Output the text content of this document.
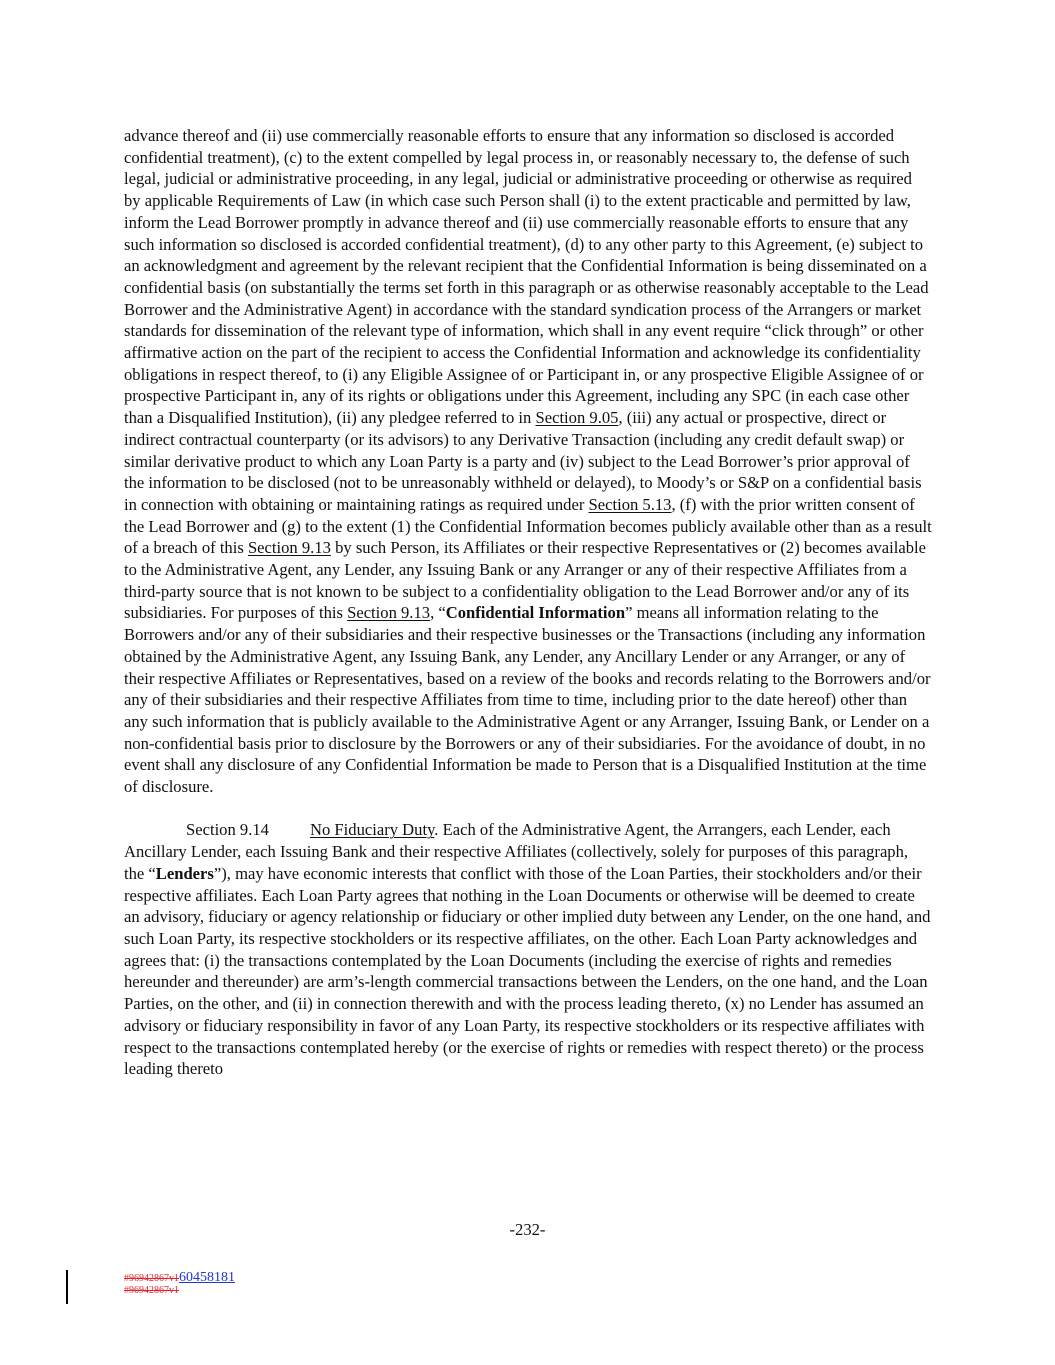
advance thereof and (ii) use commercially reasonable efforts to ensure that any information so disclosed is accorded confidential treatment), (c) to the extent compelled by legal process in, or reasonably necessary to, the defense of such legal, judicial or administrative proceeding, in any legal, judicial or administrative proceeding or otherwise as required by applicable Requirements of Law (in which case such Person shall (i) to the extent practicable and permitted by law, inform the Lead Borrower promptly in advance thereof and (ii) use commercially reasonable efforts to ensure that any such information so disclosed is accorded confidential treatment), (d) to any other party to this Agreement, (e) subject to an acknowledgment and agreement by the relevant recipient that the Confidential Information is being disseminated on a confidential basis (on substantially the terms set forth in this paragraph or as otherwise reasonably acceptable to the Lead Borrower and the Administrative Agent) in accordance with the standard syndication process of the Arrangers or market standards for dissemination of the relevant type of information, which shall in any event require “click through” or other affirmative action on the part of the recipient to access the Confidential Information and acknowledge its confidentiality obligations in respect thereof, to (i) any Eligible Assignee of or Participant in, or any prospective Eligible Assignee of or prospective Participant in, any of its rights or obligations under this Agreement, including any SPC (in each case other than a Disqualified Institution), (ii) any pledgee referred to in Section 9.05, (iii) any actual or prospective, direct or indirect contractual counterparty (or its advisors) to any Derivative Transaction (including any credit default swap) or similar derivative product to which any Loan Party is a party and (iv) subject to the Lead Borrower’s prior approval of the information to be disclosed (not to be unreasonably withheld or delayed), to Moody’s or S&P on a confidential basis in connection with obtaining or maintaining ratings as required under Section 5.13, (f) with the prior written consent of the Lead Borrower and (g) to the extent (1) the Confidential Information becomes publicly available other than as a result of a breach of this Section 9.13 by such Person, its Affiliates or their respective Representatives or (2) becomes available to the Administrative Agent, any Lender, any Issuing Bank or any Arranger or any of their respective Affiliates from a third-party source that is not known to be subject to a confidentiality obligation to the Lead Borrower and/or any of its subsidiaries. For purposes of this Section 9.13, “Confidential Information” means all information relating to the Borrowers and/or any of their subsidiaries and their respective businesses or the Transactions (including any information obtained by the Administrative Agent, any Issuing Bank, any Lender, any Ancillary Lender or any Arranger, or any of their respective Affiliates or Representatives, based on a review of the books and records relating to the Borrowers and/or any of their subsidiaries and their respective Affiliates from time to time, including prior to the date hereof) other than any such information that is publicly available to the Administrative Agent or any Arranger, Issuing Bank, or Lender on a non-confidential basis prior to disclosure by the Borrowers or any of their subsidiaries. For the avoidance of doubt, in no event shall any disclosure of any Confidential Information be made to Person that is a Disqualified Institution at the time of disclosure.

Section 9.14 No Fiduciary Duty. Each of the Administrative Agent, the Arrangers, each Lender, each Ancillary Lender, each Issuing Bank and their respective Affiliates (collectively, solely for purposes of this paragraph, the “Lenders”), may have economic interests that conflict with those of the Loan Parties, their stockholders and/or their respective affiliates. Each Loan Party agrees that nothing in the Loan Documents or otherwise will be deemed to create an advisory, fiduciary or agency relationship or fiduciary or other implied duty between any Lender, on the one hand, and such Loan Party, its respective stockholders or its respective affiliates, on the other. Each Loan Party acknowledges and agrees that: (i) the transactions contemplated by the Loan Documents (including the exercise of rights and remedies hereunder and thereunder) are arm’s-length commercial transactions between the Lenders, on the one hand, and the Loan Parties, on the other, and (ii) in connection therewith and with the process leading thereto, (x) no Lender has assumed an advisory or fiduciary responsibility in favor of any Loan Party, its respective stockholders or its respective affiliates with respect to the transactions contemplated hereby (or the exercise of rights or remedies with respect thereto) or the process leading thereto

-232-
#96942867v160458181
#96942867v1
